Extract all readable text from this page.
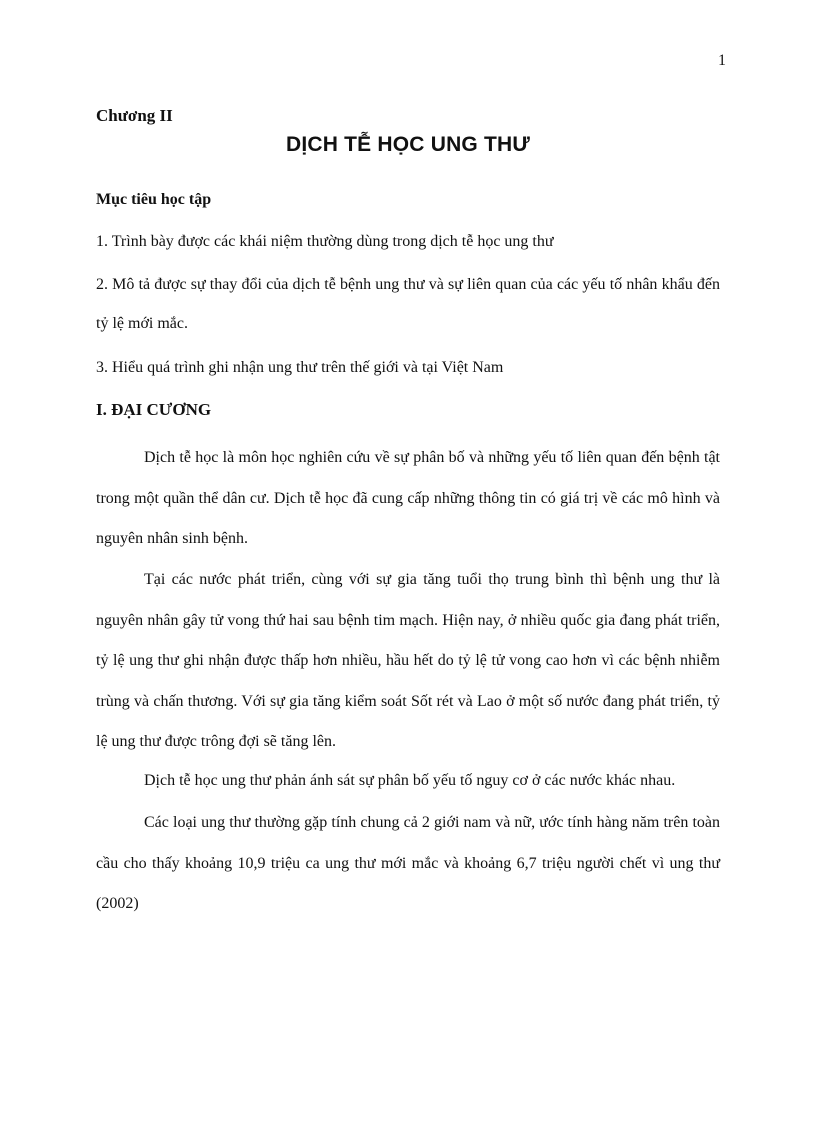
1
Chương II
DỊCH TỄ HỌC UNG THƯ
Mục tiêu học tập
1. Trình bày được các khái niệm thường dùng trong dịch tễ học ung thư
2. Mô tả được sự thay đổi của dịch tễ bệnh ung thư và sự liên quan của các yếu tố nhân khẩu đến tỷ lệ mới mắc.
3. Hiểu quá trình ghi nhận ung thư trên thế giới và tại Việt Nam
I. ĐẠI CƯƠNG
Dịch tễ học là môn học nghiên cứu về sự phân bố và những yếu tố liên quan đến bệnh tật trong một quần thể dân cư. Dịch tễ học đã cung cấp những thông tin có giá trị về các mô hình và nguyên nhân sinh bệnh.
Tại các nước phát triển, cùng với sự gia tăng tuổi thọ trung bình thì bệnh ung thư là nguyên nhân gây tử vong thứ hai sau bệnh tim mạch. Hiện nay, ở nhiều quốc gia đang phát triển, tỷ lệ ung thư ghi nhận được thấp hơn nhiều, hầu hết do tỷ lệ tử vong cao hơn vì các bệnh nhiễm trùng và chấn thương. Với sự gia tăng kiểm soát Sốt rét và Lao ở một số nước đang phát triển, tỷ lệ ung thư được trông đợi sẽ tăng lên.
Dịch tễ học ung thư phản ánh sát sự phân bố yếu tố nguy cơ ở các nước khác nhau.
Các loại ung thư thường gặp tính chung cả 2 giới nam và nữ, ước tính hàng năm trên toàn cầu cho thấy khoảng 10,9 triệu ca ung thư mới mắc và khoảng 6,7 triệu người chết vì ung thư (2002)
